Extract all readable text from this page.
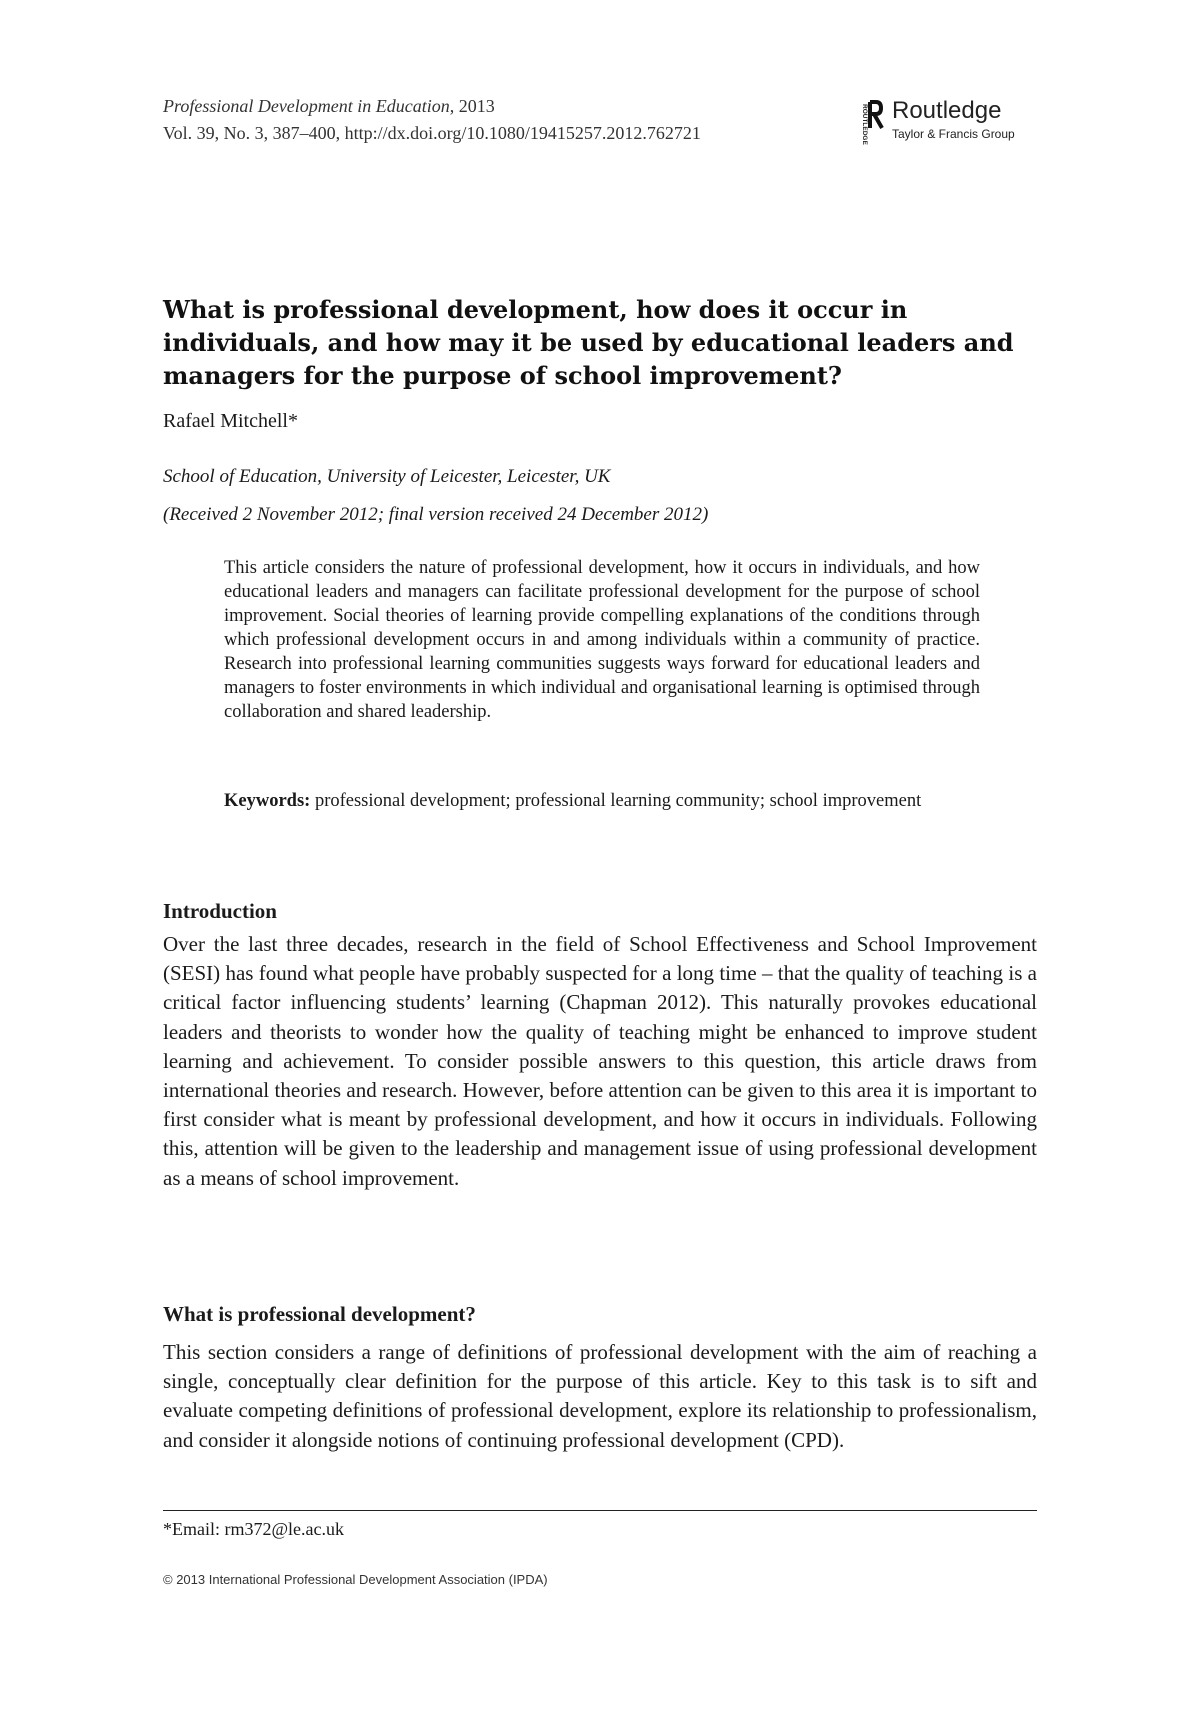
Professional Development in Education, 2013
Vol. 39, No. 3, 387–400, http://dx.doi.org/10.1080/19415257.2012.762721	ROUTLEDGE Routledge
Taylor & Francis Group
What is professional development, how does it occur in individuals, and how may it be used by educational leaders and managers for the purpose of school improvement?
Rafael Mitchell*
School of Education, University of Leicester, Leicester, UK
(Received 2 November 2012; final version received 24 December 2012)

This article considers the nature of professional development, how it occurs in individuals, and how educational leaders and managers can facilitate professional development for the purpose of school improvement. Social theories of learning provide compelling explanations of the conditions through which professional development occurs in and among individuals within a community of practice. Research into professional learning communities suggests ways forward for educational leaders and managers to foster environments in which individual and organisational learning is optimised through collaboration and shared leadership.

Keywords: professional development; professional learning community; school improvement

Introduction

Over the last three decades, research in the field of School Effectiveness and School Improvement (SESI) has found what people have probably suspected for a long time – that the quality of teaching is a critical factor influencing students’ learning (Chapman 2012). This naturally provokes educational leaders and theorists to wonder how the quality of teaching might be enhanced to improve student learning and achievement. To consider possible answers to this question, this article draws from international theories and research. However, before attention can be given to this area it is important to first consider what is meant by professional development, and how it occurs in individuals. Following this, attention will be given to the leadership and management issue of using professional development as a means of school improvement.

What is professional development?

This section considers a range of definitions of professional development with the aim of reaching a single, conceptually clear definition for the purpose of this article. Key to this task is to sift and evaluate competing definitions of professional development, explore its relationship to professionalism, and consider it alongside notions of continuing professional development (CPD).

*Email: rm372@le.ac.uk
© 2013 International Professional Development Association (IPDA)
